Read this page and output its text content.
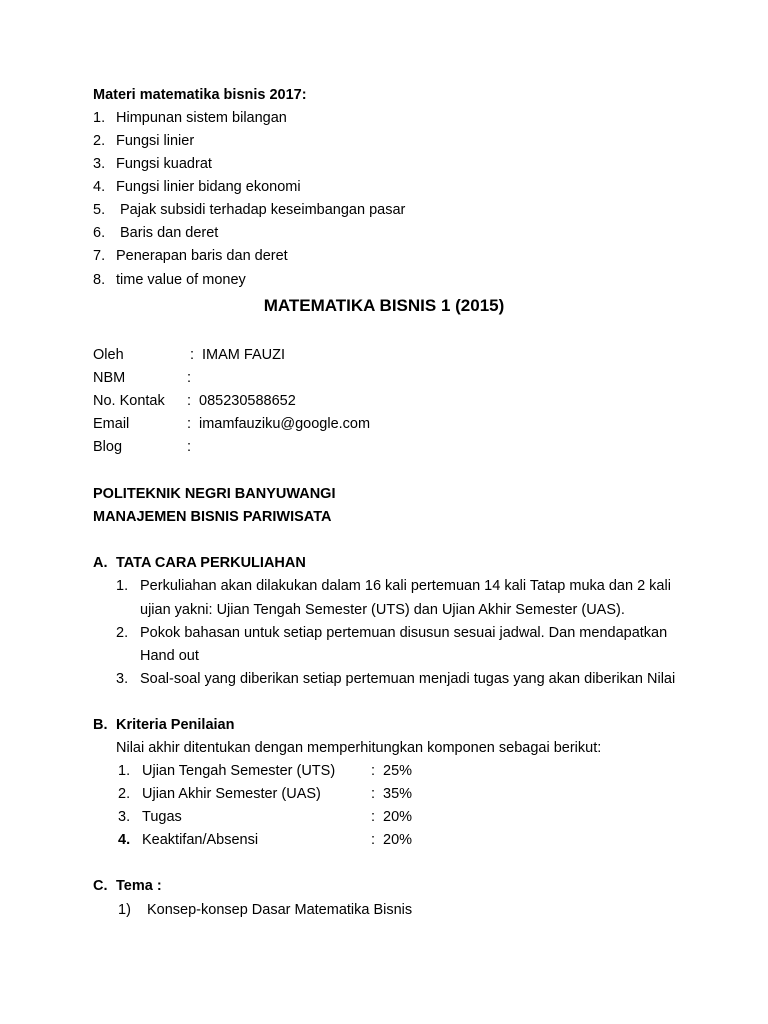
Materi matematika bisnis 2017:
1. Himpunan sistem bilangan
2. Fungsi linier
3. Fungsi kuadrat
4. Fungsi linier bidang ekonomi
5. Pajak subsidi terhadap keseimbangan pasar
6. Baris dan deret
7. Penerapan baris dan deret
8. time value of money
MATEMATIKA BISNIS 1 (2015)
Oleh	: IMAM FAUZI
NBM	:
No. Kontak : 085230588652
Email	: imamfauziku@google.com
Blog	:
POLITEKNIK NEGRI BANYUWANGI
MANAJEMEN BISNIS PARIWISATA
A. TATA CARA PERKULIAHAN
1. Perkuliahan akan dilakukan dalam 16 kali pertemuan 14 kali Tatap muka dan 2 kali
ujian yakni: Ujian Tengah Semester (UTS) dan Ujian Akhir Semester (UAS).
2. Pokok bahasan untuk setiap pertemuan disusun sesuai jadwal. Dan mendapatkan
Hand out
3. Soal-soal yang diberikan setiap pertemuan menjadi tugas yang akan diberikan Nilai
B. Kriteria Penilaian
Nilai akhir ditentukan dengan memperhitungkan komponen sebagai berikut:
1. Ujian Tengah Semester (UTS) : 25%
2. Ujian Akhir Semester (UAS)	: 35%
3. Tugas	: 20%
4. Keaktifan/Absensi	: 20%
C. Tema :
1) Konsep-konsep Dasar Matematika Bisnis
